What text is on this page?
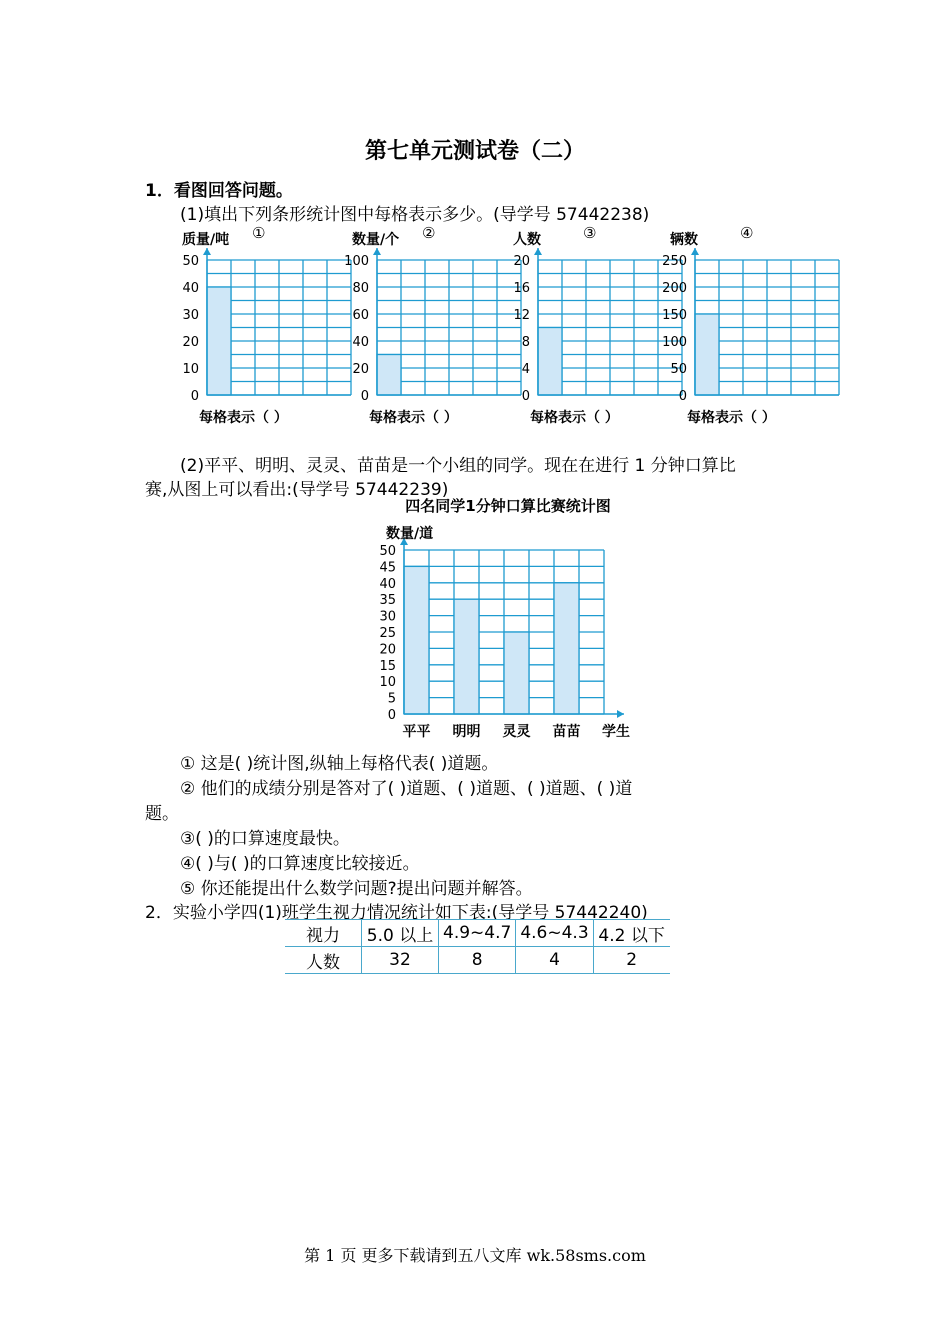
第七单元测试卷（二）
1．看图回答问题。
(1)填出下列条形统计图中每格表示多少。(导学号 57442238)
0
10
20
30
40
50
质量/吨 ①
每格表示（ ）
0
20
40
60
80
100
数量/个 ②
每格表示（ ）
0
4
8
12
16
20
人数	③
每格表示（ ）
0
50
100
150
200
250
辆数	④
每格表示（ ）
(2)平平、明明、灵灵、苗苗是一个小组的同学。现在在进行 1 分钟口算比
赛,从图上可以看出:(导学号 57442239)
0
5
10
15
20
25
30
35
40
45
50
四名同学1分钟口算比赛统计图
数量/道
平平 明明 灵灵 苗苗 学生
① 这是( )统计图,纵轴上每格代表( )道题。
② 他们的成绩分别是答对了( )道题、( )道题、( )道题、( )道
题。
③( )的口算速度最快。
④( )与( )的口算速度比较接近。
⑤ 你还能提出什么数学问题?提出问题并解答。
2．实验小学四(1)班学生视力情况统计如下表:(导学号 57442240)
视力	5.0 以上	4.9~4.7	4.6~4.3	4.2 以下
人数	32	8	4	2
第 1 页 更多下载请到五八文库 wk.58sms.com
